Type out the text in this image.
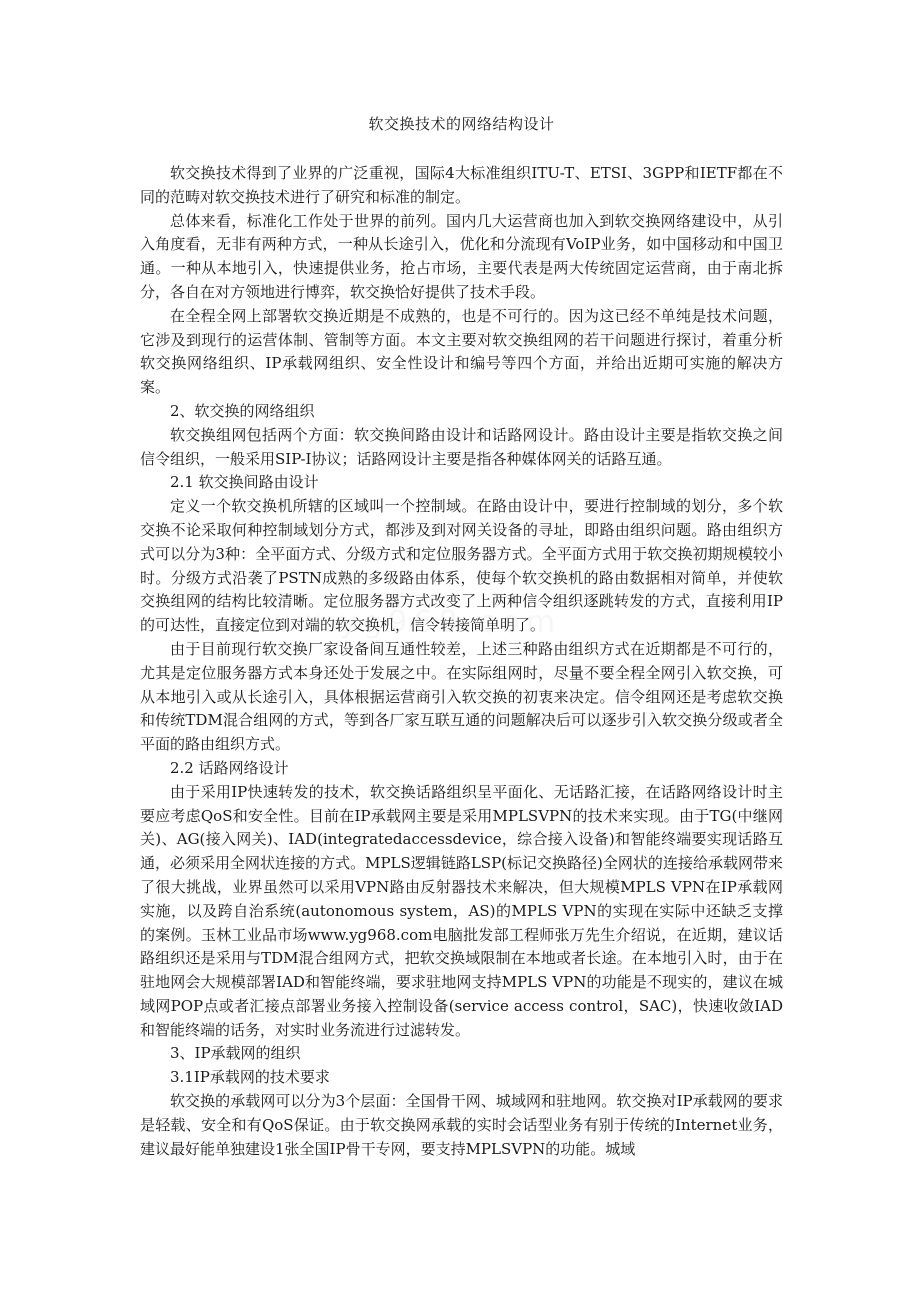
软交换技术的网络结构设计

软交换技术得到了业界的广泛重视，国际4大标准组织ITU-T、ETSI、3GPP和IETF都在不同的范畴对软交换技术进行了研究和标准的制定。

总体来看，标准化工作处于世界的前列。国内几大运营商也加入到软交换网络建设中，从引入角度看，无非有两种方式，一种从长途引入，优化和分流现有VoIP业务，如中国移动和中国卫通。一种从本地引入，快速提供业务，抢占市场，主要代表是两大传统固定运营商，由于南北拆分，各自在对方领地进行博弈，软交换恰好提供了技术手段。

在全程全网上部署软交换近期是不成熟的，也是不可行的。因为这已经不单纯是技术问题，它涉及到现行的运营体制、管制等方面。本文主要对软交换组网的若干问题进行探讨，着重分析软交换网络组织、IP承载网组织、安全性设计和编号等四个方面，并给出近期可实施的解决方案。

2、软交换的网络组织

软交换组网包括两个方面：软交换间路由设计和话路网设计。路由设计主要是指软交换之间信令组织，一般采用SIP-I协议；话路网设计主要是指各种媒体网关的话路互通。

2.1 软交换间路由设计

定义一个软交换机所辖的区域叫一个控制域。在路由设计中，要进行控制域的划分，多个软交换不论采取何种控制域划分方式，都涉及到对网关设备的寻址，即路由组织问题。路由组织方式可以分为3种：全平面方式、分级方式和定位服务器方式。全平面方式用于软交换初期规模较小时。分级方式沿袭了PSTN成熟的多级路由体系，使每个软交换机的路由数据相对简单，并使软交换组网的结构比较清晰。定位服务器方式改变了上两种信令组织逐跳转发的方式，直接利用IP的可达性，直接定位到对端的软交换机，信令转接简单明了。

由于目前现行软交换厂家设备间互通性较差，上述三种路由组织方式在近期都是不可行的，尤其是定位服务器方式本身还处于发展之中。在实际组网时，尽量不要全程全网引入软交换，可从本地引入或从长途引入，具体根据运营商引入软交换的初衷来决定。信令组网还是考虑软交换和传统TDM混合组网的方式，等到各厂家互联互通的问题解决后可以逐步引入软交换分级或者全平面的路由组织方式。

2.2 话路网络设计

由于采用IP快速转发的技术，软交换话路组织呈平面化、无话路汇接，在话路网络设计时主要应考虑QoS和安全性。目前在IP承载网主要是采用MPLSVPN的技术来实现。由于TG(中继网关)、AG(接入网关)、IAD(integratedaccessdevice，综合接入设备)和智能终端要实现话路互通，必须采用全网状连接的方式。MPLS逻辑链路LSP(标记交换路径)全网状的连接给承载网带来了很大挑战，业界虽然可以采用VPN路由反射器技术来解决，但大规模MPLS VPN在IP承载网实施，以及跨自治系统(autonomous system，AS)的MPLS VPN的实现在实际中还缺乏支撑的案例。玉林工业品市场www.yg968.com电脑批发部工程师张万先生介绍说，在近期，建议话路组织还是采用与TDM混合组网方式，把软交换域限制在本地或者长途。在本地引入时，由于在驻地网会大规模部署IAD和智能终端，要求驻地网支持MPLS VPN的功能是不现实的，建议在城域网POP点或者汇接点部署业务接入控制设备(service access control，SAC)，快速收敛IAD和智能终端的话务，对实时业务流进行过滤转发。

3、IP承载网的组织

3.1IP承载网的技术要求

软交换的承载网可以分为3个层面：全国骨干网、城域网和驻地网。软交换对IP承载网的要求是轻载、安全和有QoS保证。由于软交换网承载的实时会话型业务有别于传统的Internet业务，建议最好能单独建设1张全国IP骨干专网，要支持MPLSVPN的功能。城域
